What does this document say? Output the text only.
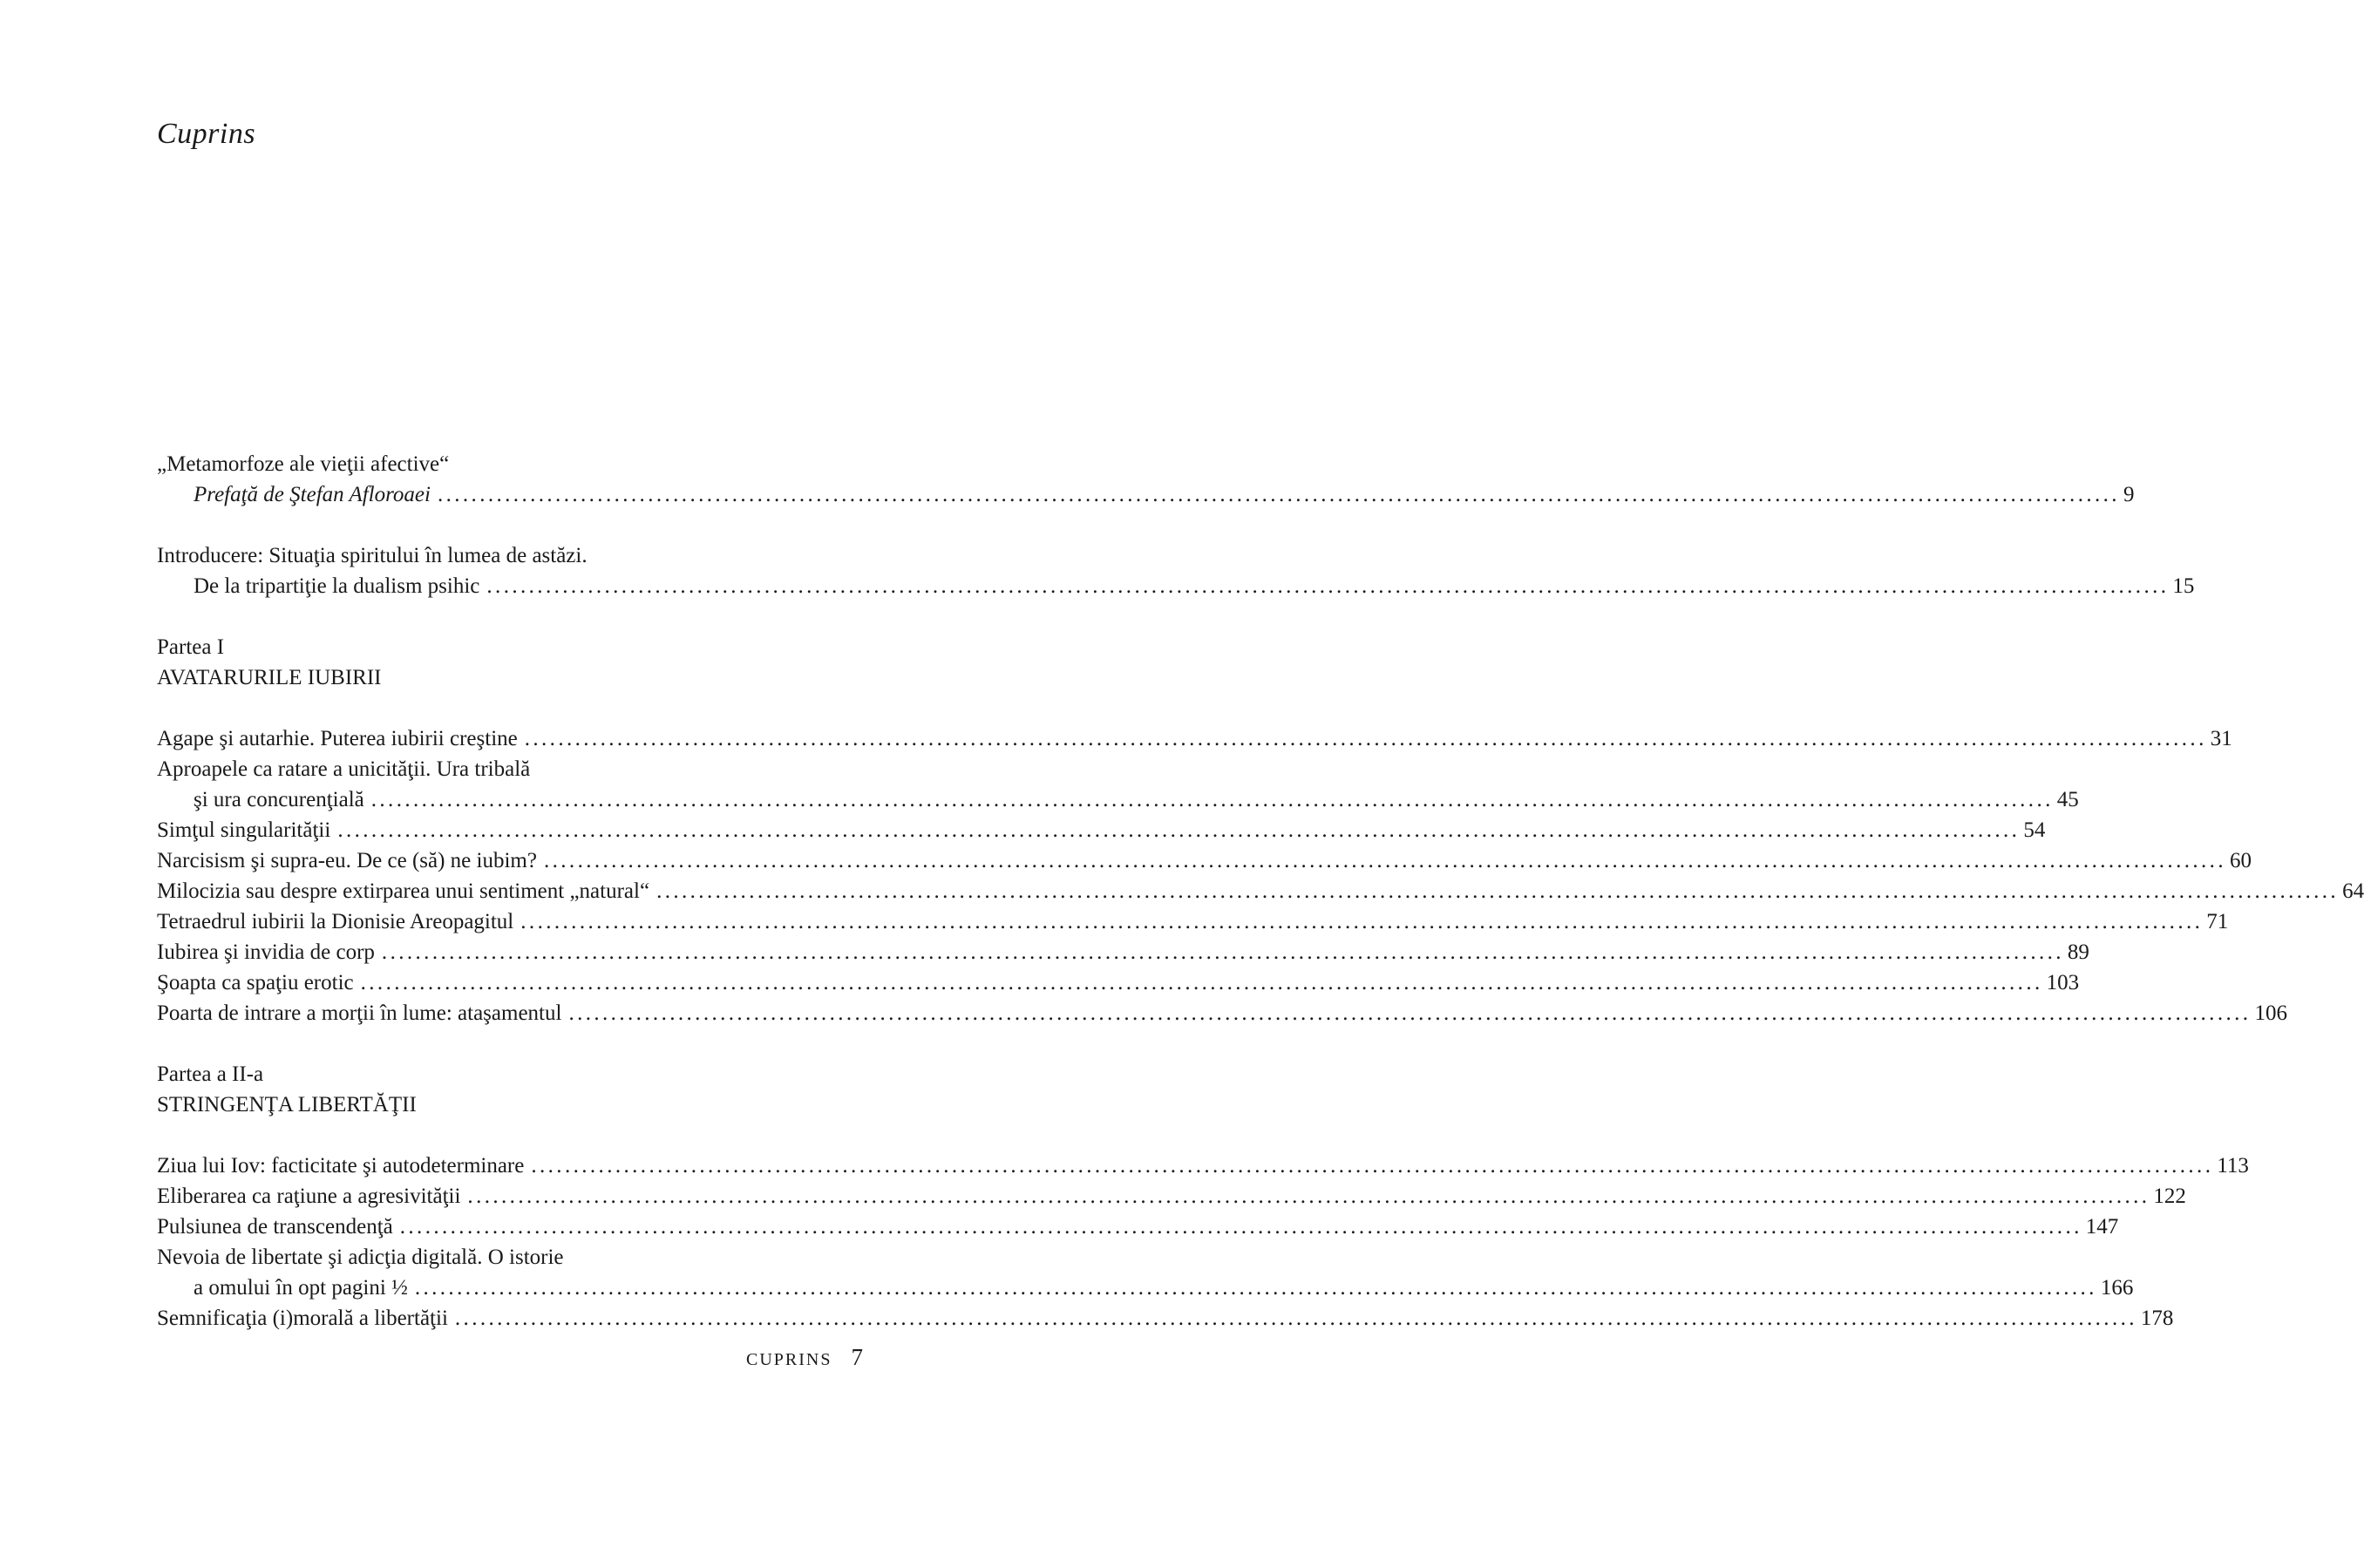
Cuprins
„Metamorfoze ale vieţii afective“
Prefaţă de Ştefan Afloroaei ........................................................................................................................................................................................................ 9
Introducere: Situaţia spiritului în lumea de astăzi.
De la tripartiţie la dualism psihic ........................................................................................................................................................................................................ 15
Partea I
AVATARURILE IUBIRII
Agape şi autarhie. Puterea iubirii creştine ........................................................................................................................................................................................................ 31
Aproapele ca ratare a unicităţii. Ura tribală
şi ura concurenţială ........................................................................................................................................................................................................ 45
Simţul singularităţii ........................................................................................................................................................................................................ 54
Narcisism şi supra-eu. De ce (să) ne iubim? ........................................................................................................................................................................................................ 60
Milocizia sau despre extirparea unui sentiment „natural“ ........................................................................................................................................................................................................ 64
Tetraedrul iubirii la Dionisie Areopagitul ........................................................................................................................................................................................................ 71
Iubirea şi invidia de corp ........................................................................................................................................................................................................ 89
Şoapta ca spaţiu erotic ........................................................................................................................................................................................................ 103
Poarta de intrare a morţii în lume: ataşamentul ........................................................................................................................................................................................................ 106
Partea a II-a
STRINGENŢA LIBERTĂŢII
Ziua lui Iov: facticitate şi autodeterminare ........................................................................................................................................................................................................ 113
Eliberarea ca raţiune a agresivităţii ........................................................................................................................................................................................................ 122
Pulsiunea de transcendenţă ........................................................................................................................................................................................................ 147
Nevoia de libertate şi adicţia digitală. O istorie
a omului în opt pagini ½ ........................................................................................................................................................................................................ 166
Semnificaţia (i)morală a libertăţii ........................................................................................................................................................................................................ 178
CUPRINS 7
